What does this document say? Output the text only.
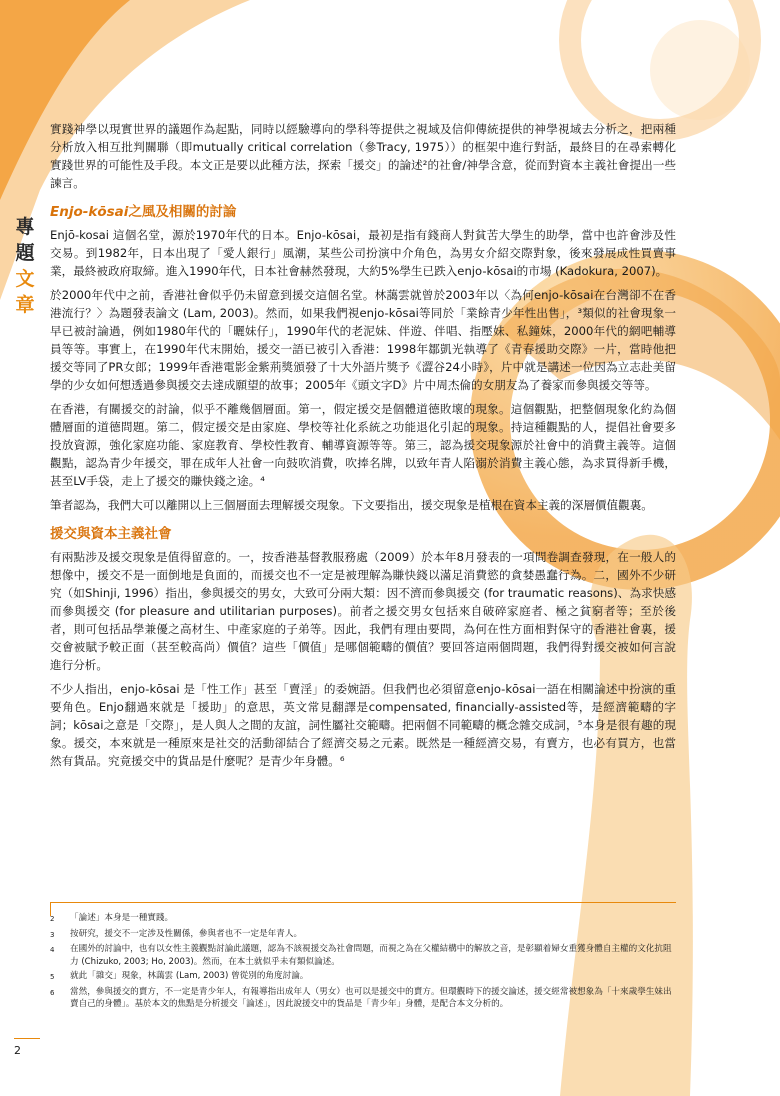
專
題
文
章

實踐神學以現實世界的議題作為起點，同時以經驗導向的學科等提供之視域及信仰傳統提供的神學視域去分析之，把兩種分析放入相互批判關聯（即mutually critical correlation（參Tracy, 1975））的框架中進行對話，最終目的在尋索轉化實踐世界的可能性及手段。本文正是要以此種方法，探索「援交」的論述²的社會/神學含意，從而對資本主義社會提出一些諫言。

Enjo-kōsai之風及相關的討論

Enjō-kosai 這個名堂，源於1970年代的日本。Enjo-kōsai，最初是指有錢商人對貧苦大學生的助學，當中也許會涉及性交易。到1982年，日本出現了「愛人銀行」風潮，某些公司扮演中介角色，為男女介紹交際對象，後來發展成性買賣事業，最終被政府取締。進入1990年代，日本社會赫然發現，大約5%學生已跌入enjo-kōsai的市場 (Kadokura, 2007)。

於2000年代中之前，香港社會似乎仍未留意到援交這個名堂。林藹雲就曾於2003年以〈為何enjo-kōsai在台灣卻不在香港流行？〉為題發表論文 (Lam, 2003)。然而，如果我們視enjo-kōsai等同於「業餘青少年性出售」，³類似的社會現象一早已被討論過，例如1980年代的「曬妹仔」，1990年代的老泥妹、伴遊、伴唱、指壓妹、私鐘妹，2000年代的網吧輔導員等等。事實上，在1990年代末開始，援交一語已被引入香港：1998年鄒凱光執導了《青春援助交際》一片，當時他把援交等同了PR女郎；1999年香港電影金紫荊獎頒發了十大外語片獎予《澀谷24小時》，片中就是講述一位因為立志赴美留學的少女如何想透過參與援交去達成願望的故事；2005年《頭文字D》片中周杰倫的女朋友為了養家而參與援交等等。

在香港，有關援交的討論，似乎不離幾個層面。第一，假定援交是個體道德敗壞的現象。這個觀點，把整個現象化約為個體層面的道德問題。第二，假定援交是由家庭、學校等社化系統之功能退化引起的現象。持這種觀點的人，提倡社會要多投放資源，強化家庭功能、家庭教育、學校性教育、輔導資源等等。第三，認為援交現象源於社會中的消費主義等。這個觀點，認為青少年援交，罪在成年人社會一向鼓吹消費，吹捧名牌，以致年青人陷溺於消費主義心態，為求買得新手機，甚至LV手袋，走上了援交的賺快錢之途。⁴

筆者認為，我們大可以離開以上三個層面去理解援交現象。下文要指出，援交現象是植根在資本主義的深層價值觀裏。

援交與資本主義社會

有兩點涉及援交現象是值得留意的。一，按香港基督教服務處（2009）於本年8月發表的一項問卷調查發現，在一般人的想像中，援交不是一面倒地是負面的，而援交也不一定是被理解為賺快錢以滿足消費慾的貪婪愚蠢行為。二，國外不少研究（如Shinji, 1996）指出，參與援交的男女，大致可分兩大類：因不濟而參與援交 (for traumatic reasons)、為求快感而參與援交 (for pleasure and utilitarian purposes)。前者之援交男女包括來自破碎家庭者、極之貧窮者等；至於後者，則可包括品學兼優之高材生、中產家庭的子弟等。因此，我們有理由要問，為何在性方面相對保守的香港社會裏，援交會被賦予較正面（甚至較高尚）價值？這些「價值」是哪個範疇的價值？要回答這兩個問題，我們得對援交被如何言說進行分析。

不少人指出，enjo-kōsai 是「性工作」甚至「賣淫」的委婉語。但我們也必須留意enjo-kōsai一語在相關論述中扮演的重要角色。Enjo翻過來就是「援助」的意思，英文常見翻譯是compensated, financially-assisted等，是經濟範疇的字詞；kōsai之意是「交際」，是人與人之間的友誼，詞性屬社交範疇。把兩個不同範疇的概念雜交成詞，⁵本身是很有趣的現象。援交，本來就是一種原來是社交的活動卻結合了經濟交易之元素。既然是一種經濟交易，有賣方，也必有買方，也當然有貨品。究竟援交中的貨品是什麼呢？是青少年身體。⁶

2	「論述」本身是一種實踐。
3	按研究，援交不一定涉及性關係，參與者也不一定是年青人。
4	在國外的討論中，也有以女性主義觀點討論此議題，認為不該視援交為社會問題，而視之為在父權結構中的解放之音，是彰顯着婦女重獲身體自主權的文化抗阻力 (Chizuko, 2003; Ho, 2003)。然而，在本土就似乎未有類似論述。
5	就此「雜交」現象，林藹雲 (Lam, 2003) 曾從別的角度討論。
6	當然，參與援交的賣方，不一定是青少年人，有報導指出成年人（男女）也可以是援交中的賣方。但環觀時下的援交論述，援交經常被想象為「十來歲學生妹出賣自己的身體」。基於本文的焦點是分析援交「論述」，因此說援交中的貨品是「青少年」身體，是配合本文分析的。
2
